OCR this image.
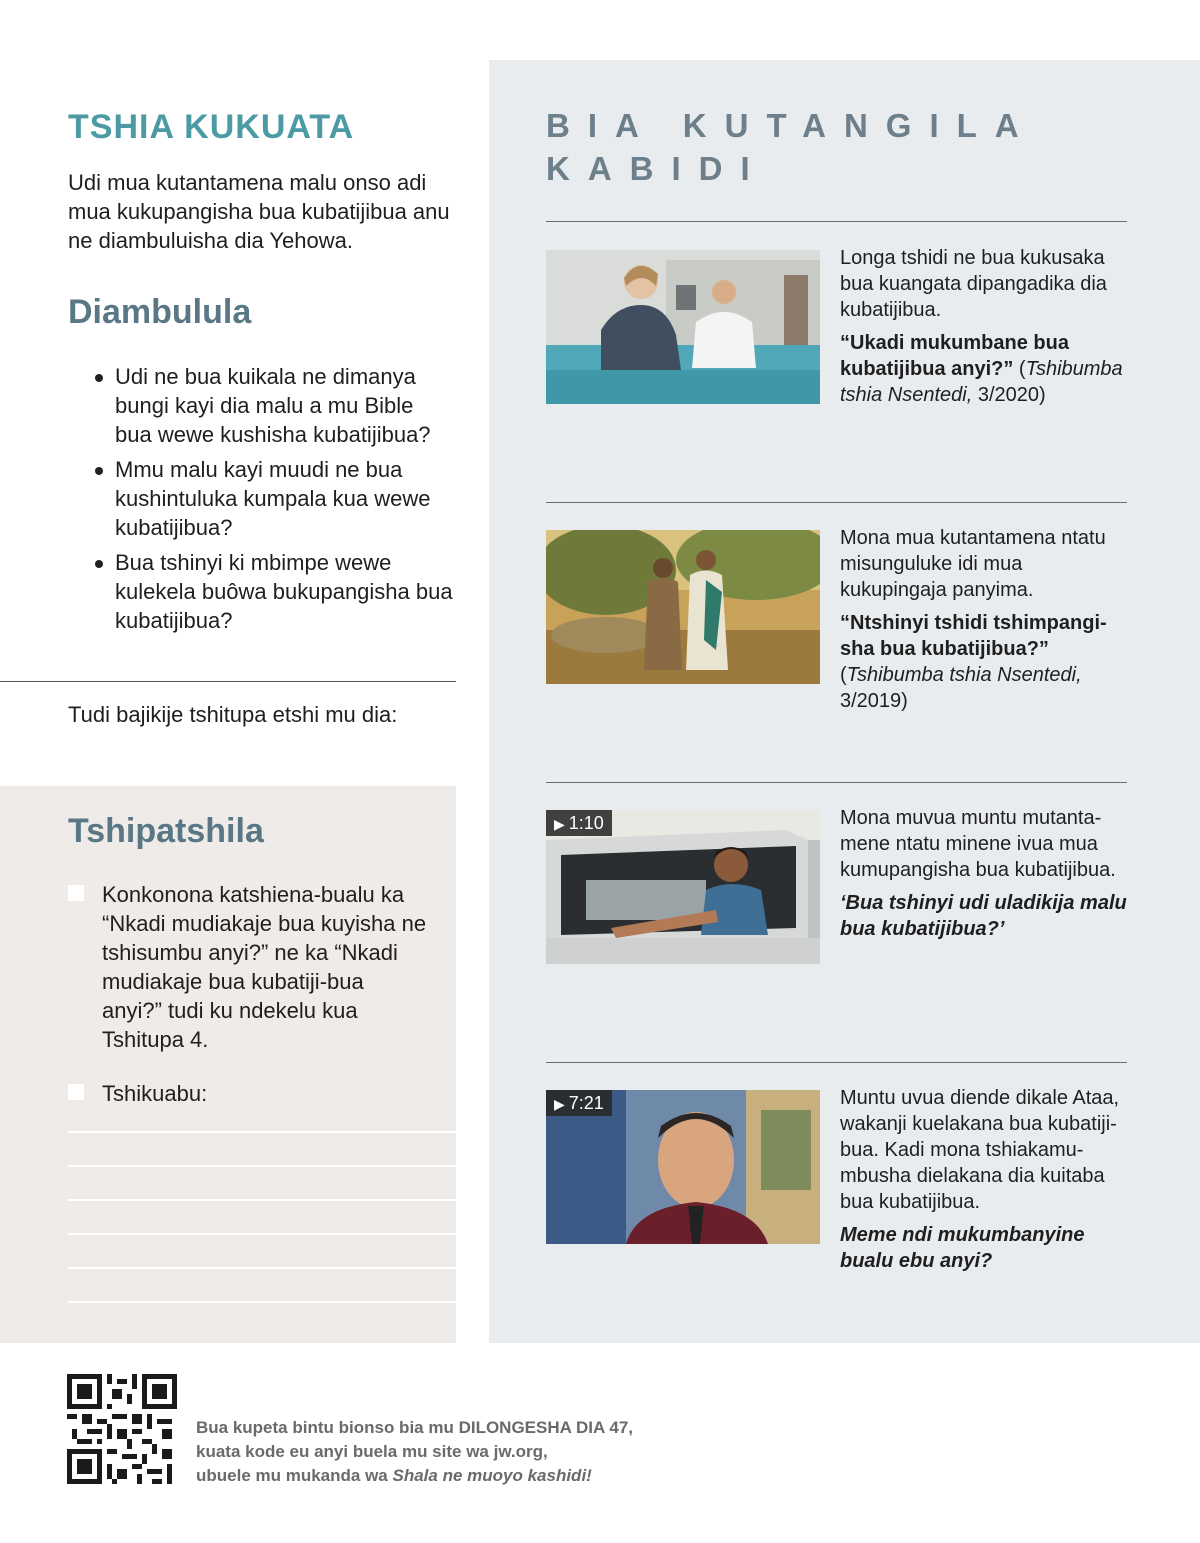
TSHIA KUKUATA

Udi mua kutantamena malu onso adi mua kukupangisha bua kubatijibua anu ne diambuluisha dia Yehowa.

Diambulula
Udi ne bua kuikala ne dimanya bungi kayi dia malu a mu Bible bua wewe kushisha kubatijibua?
Mmu malu kayi muudi ne bua kushintuluka kumpala kua wewe kubatijibua?
Bua tshinyi ki mbimpe wewe kulekela buôwa bukupangisha bua kubatijibua?

Tudi bajikije tshitupa etshi mu dia:

Tshipatshila
Konkonona katshiena-bualu ka “Nkadi mudiakaje bua kuyisha ne tshisumbu anyi?” ne ka “Nkadi mudiakaje bua kubatiji-bua anyi?” tudi ku ndekelu kua Tshitupa 4.
Tshikuabu:
BIA KUTANGILA KABIDI

Longa tshidi ne bua kukusaka bua kuangata dipangadika dia kubatijibua.

“Ukadi mukumbane bua kubatijibua anyi?” (Tshibumba tshia Nsentedi, 3/2020)

Mona mua kutantamena ntatu misunguluke idi mua kukupingaja panyima.

“Ntshinyi tshidi tshimpangi-sha bua kubatijibua?”
(Tshibumba tshia Nsentedi, 3/2019)

▶ 1:10	Mona muvua muntu mutanta-mene ntatu minene ivua mua kumupangisha bua kubatijibua.

‘Bua tshinyi udi uladikija malu bua kubatijibua?’

▶ 7:21	Muntu uvua diende dikale Ataa, wakanji kuelakana bua kubatiji-bua. Kadi mona tshiakamu-mbusha dielakana dia kuitaba bua kubatijibua.

Meme ndi mukumbanyine bualu ebu anyi?

Bua kupeta bintu bionso bia mu DILONGESHA DIA 47,
kuata kode eu anyi buela mu site wa jw.org,
ubuele mu mukanda wa Shala ne muoyo kashidi!
